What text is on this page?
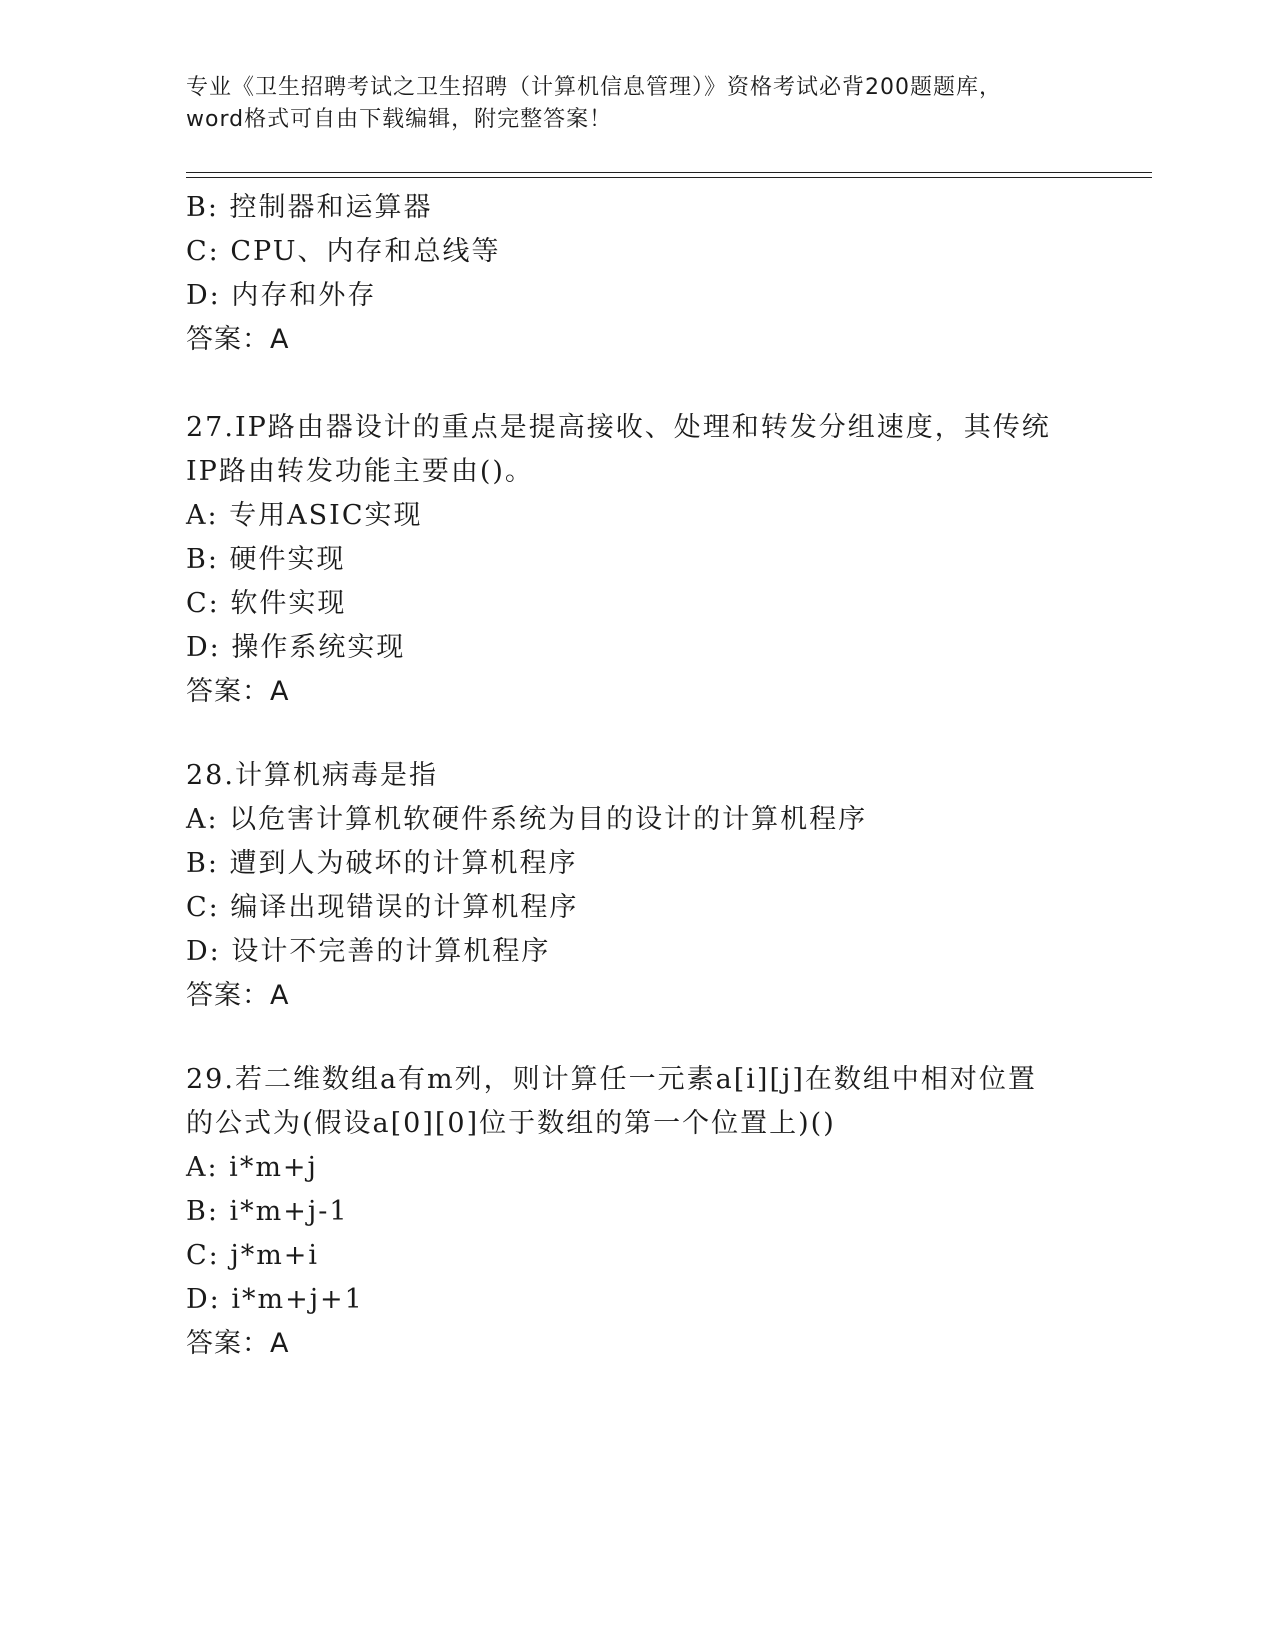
专业《卫生招聘考试之卫生招聘（计算机信息管理）》资格考试必背200题题库，
word格式可自由下载编辑，附完整答案！
B: 控制器和运算器
C: CPU、内存和总线等
D: 内存和外存
答案：A
27.IP路由器设计的重点是提高接收、处理和转发分组速度，其传统
IP路由转发功能主要由()。
A: 专用ASIC实现
B: 硬件实现
C: 软件实现
D: 操作系统实现
答案：A
28.计算机病毒是指
A: 以危害计算机软硬件系统为目的设计的计算机程序
B: 遭到人为破坏的计算机程序
C: 编译出现错误的计算机程序
D: 设计不完善的计算机程序
答案：A
29.若二维数组a有m列，则计算任一元素a[i][j]在数组中相对位置
的公式为(假设a[0][0]位于数组的第一个位置上)()
A: i*m+j
B: i*m+j-1
C: j*m+i
D: i*m+j+1
答案：A
